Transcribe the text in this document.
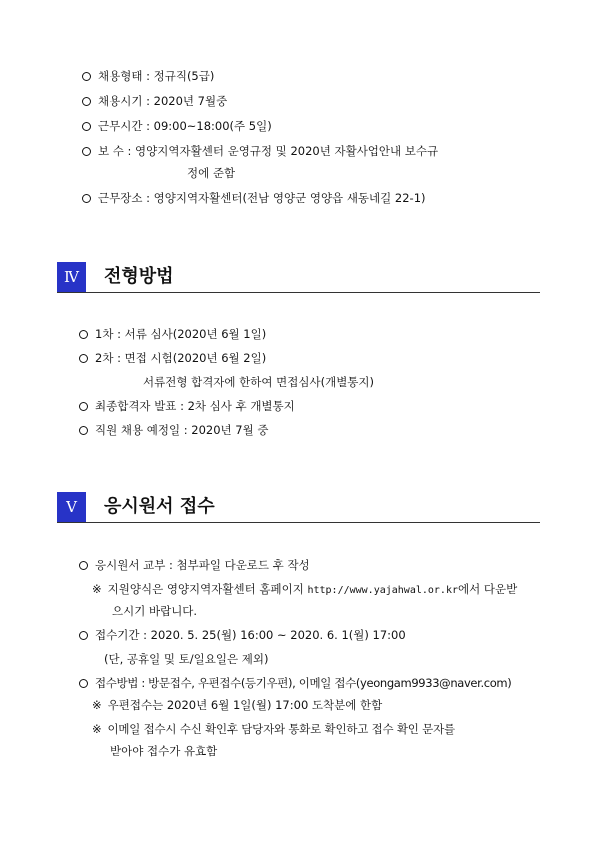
채용형태 : 정규직(5급)
채용시기 : 2020년 7월중
근무시간 : 09:00~18:00(주 5일)
보 수 : 영양지역자활센터 운영규정 및 2020년 자활사업안내 보수규
정에 준함
근무장소 : 영양지역자활센터(전남 영양군 영양읍 새동네길 22-1)
Ⅳ	전형방법
1차 : 서류 심사(2020년 6월 1일)
2차 : 면접 시험(2020년 6월 2일)
서류전형 합격자에 한하여 면접심사(개별통지)
최종합격자 발표 : 2차 심사 후 개별통지
직원 채용 예정일 : 2020년 7월 중
Ⅴ	응시원서 접수
응시원서 교부 : 첨부파일 다운로드 후 작성
※ 지원양식은 영양지역자활센터 홈페이지 http://www.yajahwal.or.kr에서 다운받
으시기 바랍니다.
접수기간 : 2020. 5. 25(월) 16:00 ~ 2020. 6. 1(월) 17:00
(단, 공휴일 및 토/일요일은 제외)
접수방법 : 방문접수, 우편접수(등기우편), 이메일 접수(yeongam9933@naver.com)
※ 우편접수는 2020년 6월 1일(월) 17:00 도착분에 한함
※ 이메일 접수시 수신 확인후 담당자와 통화로 확인하고 접수 확인 문자를
받아야 접수가 유효함
